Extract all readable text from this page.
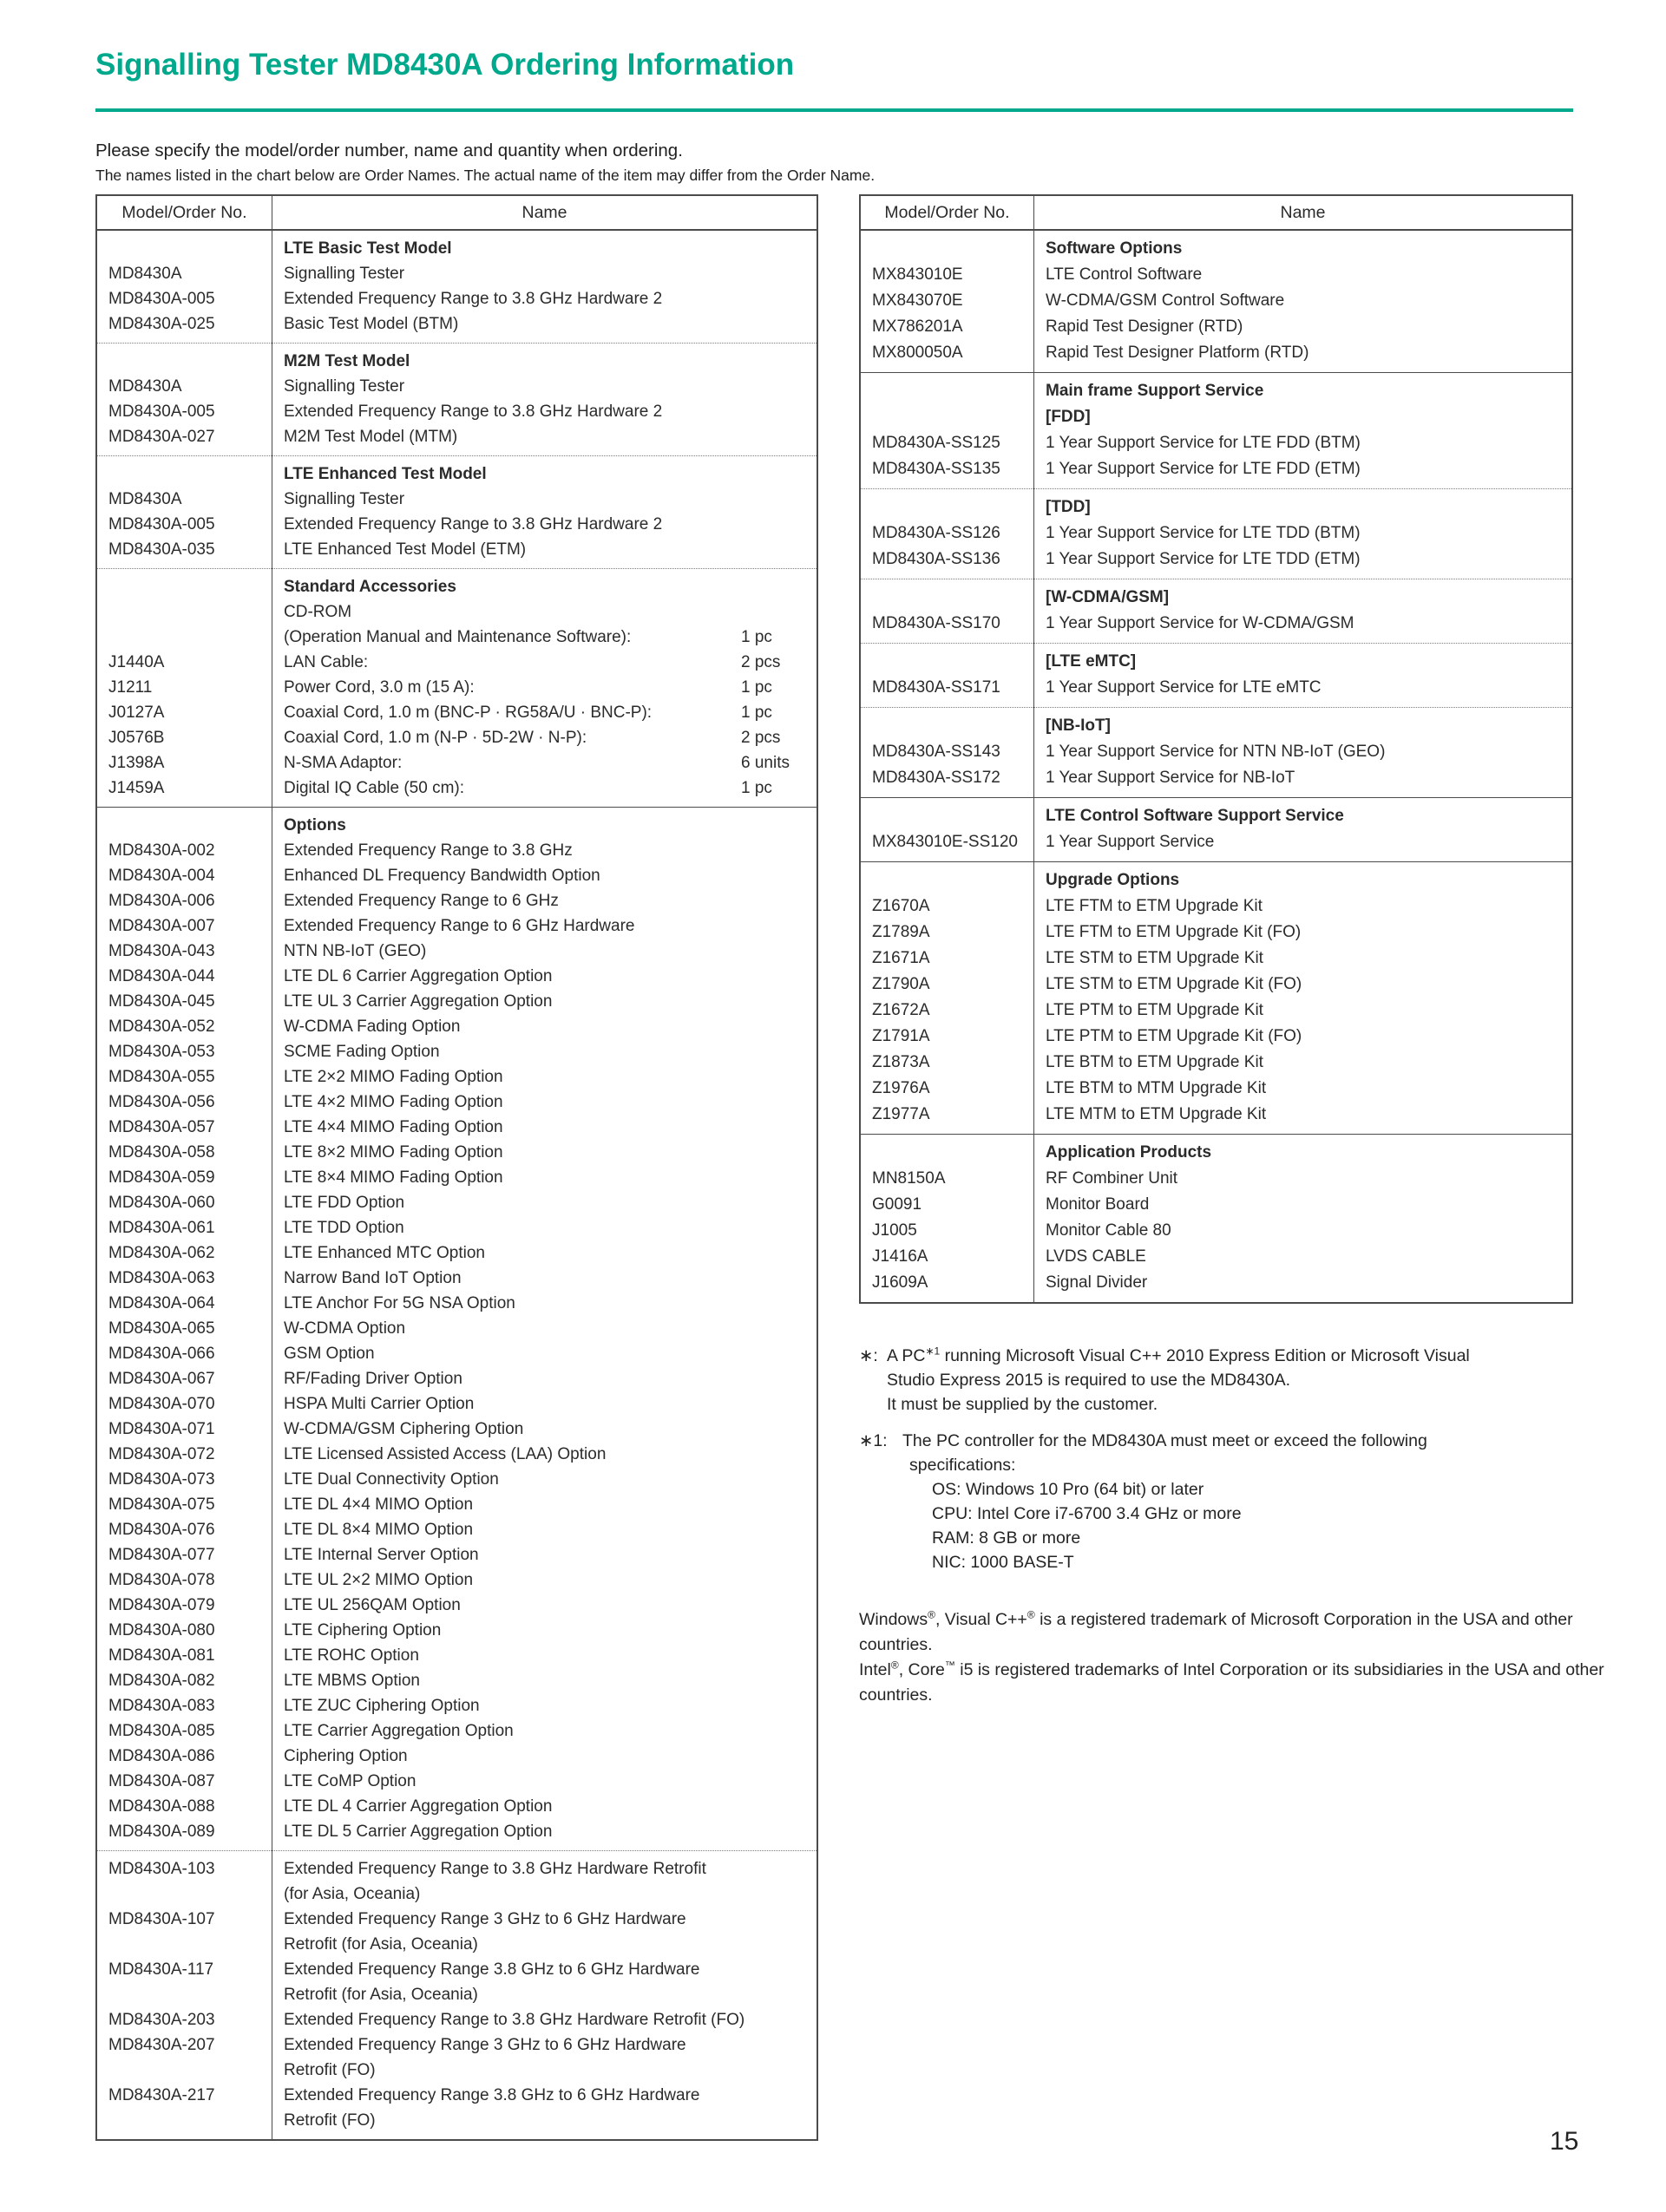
Signalling Tester MD8430A Ordering Information

Please specify the model/order number, name and quantity when ordering.

The names listed in the chart below are Order Names. The actual name of the item may differ from the Order Name.

Model/Order No.	Name
	LTE Basic Test Model
MD8430A	Signalling Tester

MD8430A-005	Extended Frequency Range to 3.8 GHz Hardware 2

MD8430A-025	Basic Test Model (BTM)

	M2M Test Model
MD8430A	Signalling Tester

MD8430A-005	Extended Frequency Range to 3.8 GHz Hardware 2

MD8430A-027	M2M Test Model (MTM)

	LTE Enhanced Test Model
MD8430A	Signalling Tester

MD8430A-005	Extended Frequency Range to 3.8 GHz Hardware 2

MD8430A-035	LTE Enhanced Test Model (ETM)

	Standard Accessories

	CD-ROM

	(Operation Manual and Maintenance Software): 1 pc

J1440A	LAN Cable: 2 pcs

J1211	Power Cord, 3.0 m (15 A): 1 pc

J0127A	Coaxial Cord, 1.0 m (BNC-P · RG58A/U · BNC-P): 1 pc

J0576B	Coaxial Cord, 1.0 m (N-P · 5D-2W · N-P): 2 pcs

J1398A	N-SMA Adaptor: 6 units

J1459A	Digital IQ Cable (50 cm): 1 pc

	Options
MD8430A-002	Extended Frequency Range to 3.8 GHz

MD8430A-004	Enhanced DL Frequency Bandwidth Option

MD8430A-006	Extended Frequency Range to 6 GHz

MD8430A-007	Extended Frequency Range to 6 GHz Hardware

MD8430A-043	NTN NB-IoT (GEO)

MD8430A-044	LTE DL 6 Carrier Aggregation Option

MD8430A-045	LTE UL 3 Carrier Aggregation Option

MD8430A-052	W-CDMA Fading Option

MD8430A-053	SCME Fading Option

MD8430A-055	LTE 2×2 MIMO Fading Option

MD8430A-056	LTE 4×2 MIMO Fading Option

MD8430A-057	LTE 4×4 MIMO Fading Option

MD8430A-058	LTE 8×2 MIMO Fading Option

MD8430A-059	LTE 8×4 MIMO Fading Option

MD8430A-060	LTE FDD Option

MD8430A-061	LTE TDD Option

MD8430A-062	LTE Enhanced MTC Option

MD8430A-063	Narrow Band IoT Option

MD8430A-064	LTE Anchor For 5G NSA Option

MD8430A-065	W-CDMA Option

MD8430A-066	GSM Option

MD8430A-067	RF/Fading Driver Option

MD8430A-070	HSPA Multi Carrier Option

MD8430A-071	W-CDMA/GSM Ciphering Option

MD8430A-072	LTE Licensed Assisted Access (LAA) Option

MD8430A-073	LTE Dual Connectivity Option

MD8430A-075	LTE DL 4×4 MIMO Option

MD8430A-076	LTE DL 8×4 MIMO Option

MD8430A-077	LTE Internal Server Option

MD8430A-078	LTE UL 2×2 MIMO Option

MD8430A-079	LTE UL 256QAM Option

MD8430A-080	LTE Ciphering Option

MD8430A-081	LTE ROHC Option

MD8430A-082	LTE MBMS Option

MD8430A-083	LTE ZUC Ciphering Option

MD8430A-085	LTE Carrier Aggregation Option

MD8430A-086	Ciphering Option

MD8430A-087	LTE CoMP Option

MD8430A-088	LTE DL 4 Carrier Aggregation Option

MD8430A-089	LTE DL 5 Carrier Aggregation Option

MD8430A-103	Extended Frequency Range to 3.8 GHz Hardware Retrofit
(for Asia, Oceania)

MD8430A-107	Extended Frequency Range 3 GHz to 6 GHz Hardware
Retrofit (for Asia, Oceania)

MD8430A-117	Extended Frequency Range 3.8 GHz to 6 GHz Hardware
Retrofit (for Asia, Oceania)

MD8430A-203	Extended Frequency Range to 3.8 GHz Hardware Retrofit (FO)

MD8430A-207	Extended Frequency Range 3 GHz to 6 GHz Hardware
Retrofit (FO)

MD8430A-217	Extended Frequency Range 3.8 GHz to 6 GHz Hardware
Retrofit (FO)
Model/Order No.	Name
	Software Options
MX843010E	LTE Control Software

MX843070E	W-CDMA/GSM Control Software

MX786201A	Rapid Test Designer (RTD)

MX800050A	Rapid Test Designer Platform (RTD)

	Main frame Support Service
	[FDD]
MD8430A-SS125	1 Year Support Service for LTE FDD (BTM)

MD8430A-SS135	1 Year Support Service for LTE FDD (ETM)

	[TDD]
MD8430A-SS126	1 Year Support Service for LTE TDD (BTM)

MD8430A-SS136	1 Year Support Service for LTE TDD (ETM)

	[W-CDMA/GSM]
MD8430A-SS170	1 Year Support Service for W-CDMA/GSM

	[LTE eMTC]
MD8430A-SS171	1 Year Support Service for LTE eMTC

	[NB-IoT]
MD8430A-SS143	1 Year Support Service for NTN NB-IoT (GEO)

MD8430A-SS172	1 Year Support Service for NB-IoT

	LTE Control Software Support Service
MX843010E-SS120	1 Year Support Service

	Upgrade Options
Z1670A	LTE FTM to ETM Upgrade Kit

Z1789A	LTE FTM to ETM Upgrade Kit (FO)

Z1671A	LTE STM to ETM Upgrade Kit

Z1790A	LTE STM to ETM Upgrade Kit (FO)

Z1672A	LTE PTM to ETM Upgrade Kit

Z1791A	LTE PTM to ETM Upgrade Kit (FO)

Z1873A	LTE BTM to ETM Upgrade Kit

Z1976A	LTE BTM to MTM Upgrade Kit

Z1977A	LTE MTM to ETM Upgrade Kit

	Application Products
MN8150A	RF Combiner Unit

G0091	Monitor Board

J1005	Monitor Cable 80

J1416A	LVDS CABLE

J1609A	Signal Divider
∗: A $PC^{∗1}$ running Microsoft Visual C++ 2010 Express Edition or Microsoft Visual
Studio Express 2015 is required to use the MD8430A.
It must be supplied by the customer.
∗1: The PC controller for the MD8430A must meet or exceed the following
specifications:
OS: Windows 10 Pro (64 bit) or later
CPU: Intel Core i7-6700 3.4 GHz or more
RAM: 8 GB or more
NIC: 1000 BASE-T

Windows®, Visual C++® is a registered trademark of Microsoft Corporation in the USA and other countries.

Intel®, Core™ i5 is registered trademarks of Intel Corporation or its subsidiaries in the USA and other countries.

15
